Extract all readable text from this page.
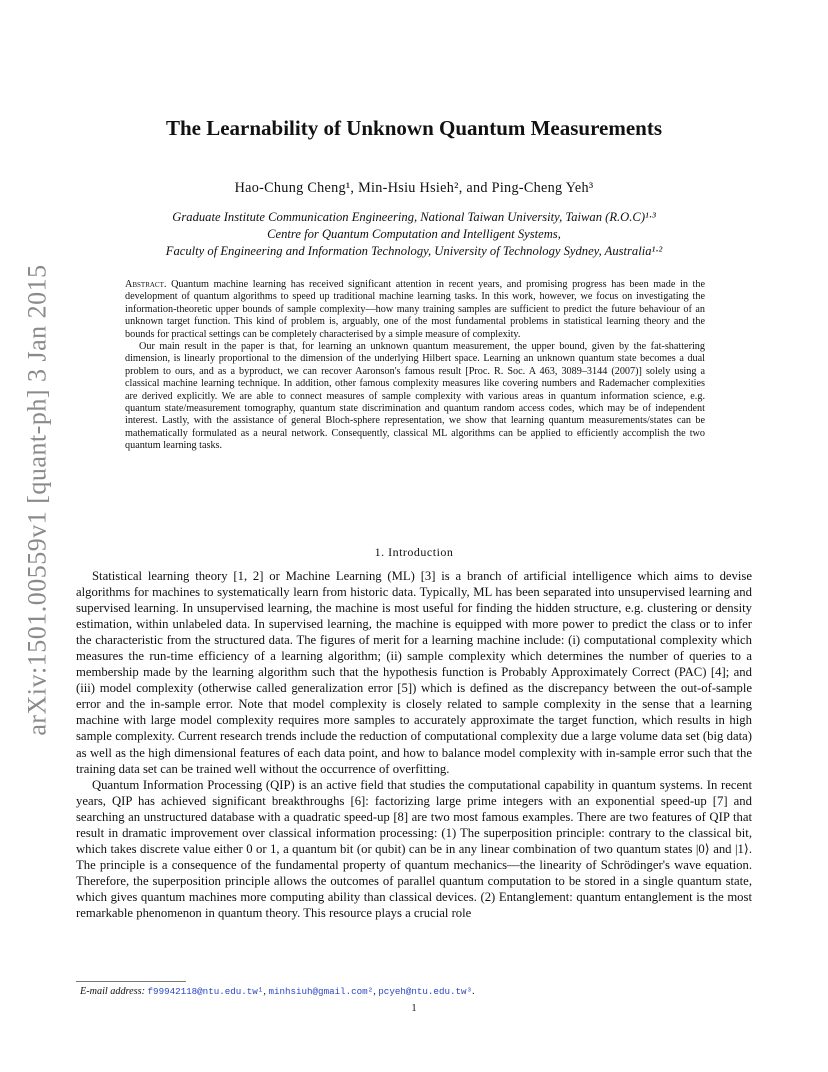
arXiv:1501.00559v1 [quant-ph] 3 Jan 2015
The Learnability of Unknown Quantum Measurements
Hao-Chung Cheng¹, Min-Hsiu Hsieh², and Ping-Cheng Yeh³
Graduate Institute Communication Engineering, National Taiwan University, Taiwan (R.O.C)¹·³
Centre for Quantum Computation and Intelligent Systems,
Faculty of Engineering and Information Technology, University of Technology Sydney, Australia¹·²

Abstract. Quantum machine learning has received significant attention in recent years, and promising progress has been made in the development of quantum algorithms to speed up traditional machine learning tasks. In this work, however, we focus on investigating the information-theoretic upper bounds of sample complexity—how many training samples are sufficient to predict the future behaviour of an unknown target function. This kind of problem is, arguably, one of the most fundamental problems in statistical learning theory and the bounds for practical settings can be completely characterised by a simple measure of complexity.

Our main result in the paper is that, for learning an unknown quantum measurement, the upper bound, given by the fat-shattering dimension, is linearly proportional to the dimension of the underlying Hilbert space. Learning an unknown quantum state becomes a dual problem to ours, and as a byproduct, we can recover Aaronson's famous result [Proc. R. Soc. A 463, 3089–3144 (2007)] solely using a classical machine learning technique. In addition, other famous complexity measures like covering numbers and Rademacher complexities are derived explicitly. We are able to connect measures of sample complexity with various areas in quantum information science, e.g. quantum state/measurement tomography, quantum state discrimination and quantum random access codes, which may be of independent interest. Lastly, with the assistance of general Bloch-sphere representation, we show that learning quantum measurements/states can be mathematically formulated as a neural network. Consequently, classical ML algorithms can be applied to efficiently accomplish the two quantum learning tasks.

1. Introduction

Statistical learning theory [1, 2] or Machine Learning (ML) [3] is a branch of artificial intelligence which aims to devise algorithms for machines to systematically learn from historic data. Typically, ML has been separated into unsupervised learning and supervised learning. In unsupervised learning, the machine is most useful for finding the hidden structure, e.g. clustering or density estimation, within unlabeled data. In supervised learning, the machine is equipped with more power to predict the class or to infer the characteristic from the structured data. The figures of merit for a learning machine include: (i) computational complexity which measures the run-time efficiency of a learning algorithm; (ii) sample complexity which determines the number of queries to a membership made by the learning algorithm such that the hypothesis function is Probably Approximately Correct (PAC) [4]; and (iii) model complexity (otherwise called generalization error [5]) which is defined as the discrepancy between the out-of-sample error and the in-sample error. Note that model complexity is closely related to sample complexity in the sense that a learning machine with large model complexity requires more samples to accurately approximate the target function, which results in high sample complexity. Current research trends include the reduction of computational complexity due a large volume data set (big data) as well as the high dimensional features of each data point, and how to balance model complexity with in-sample error such that the training data set can be trained well without the occurrence of overfitting.

Quantum Information Processing (QIP) is an active field that studies the computational capability in quantum systems. In recent years, QIP has achieved significant breakthroughs [6]: factorizing large prime integers with an exponential speed-up [7] and searching an unstructured database with a quadratic speed-up [8] are two most famous examples. There are two features of QIP that result in dramatic improvement over classical information processing: (1) The superposition principle: contrary to the classical bit, which takes discrete value either 0 or 1, a quantum bit (or qubit) can be in any linear combination of two quantum states |0⟩ and |1⟩. The principle is a consequence of the fundamental property of quantum mechanics—the linearity of Schrödinger's wave equation. Therefore, the superposition principle allows the outcomes of parallel quantum computation to be stored in a single quantum state, which gives quantum machines more computing ability than classical devices. (2) Entanglement: quantum entanglement is the most remarkable phenomenon in quantum theory. This resource plays a crucial role

E-mail address: f99942118@ntu.edu.tw¹, minhsiuh@gmail.com², pcyeh@ntu.edu.tw³.
1
